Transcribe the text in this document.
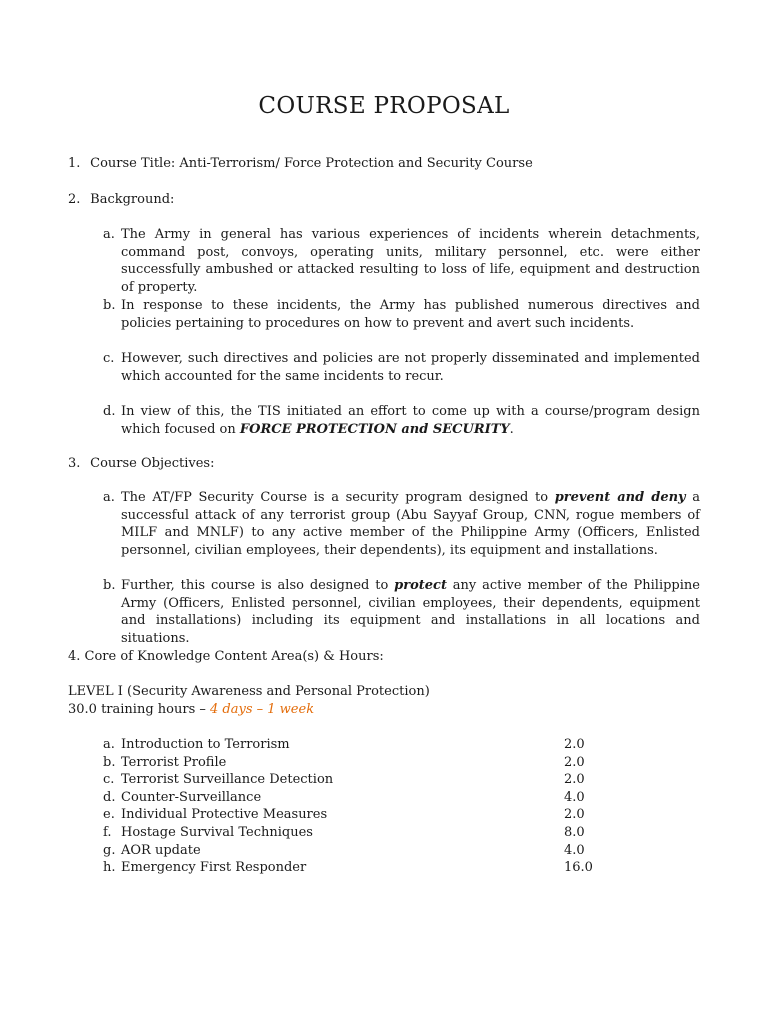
COURSE PROPOSAL
1. Course Title: Anti-Terrorism/ Force Protection and Security Course
2. Background:
a. The Army in general has various experiences of incidents wherein detachments, command post, convoys, operating units, military personnel, etc. were either successfully ambushed or attacked resulting to loss of life, equipment and destruction of property.
b. In response to these incidents, the Army has published numerous directives and policies pertaining to procedures on how to prevent and avert such incidents.
c. However, such directives and policies are not properly disseminated and implemented which accounted for the same incidents to recur.
d. In view of this, the TIS initiated an effort to come up with a course/program design which focused on FORCE PROTECTION and SECURITY.
3. Course Objectives:
a. The AT/FP Security Course is a security program designed to prevent and deny a successful attack of any terrorist group (Abu Sayyaf Group, CNN, rogue members of MILF and MNLF) to any active member of the Philippine Army (Officers, Enlisted personnel, civilian employees, their dependents), its equipment and installations.
b. Further, this course is also designed to protect any active member of the Philippine Army (Officers, Enlisted personnel, civilian employees, their dependents, equipment and installations) including its equipment and installations in all locations and situations.
4. Core of Knowledge Content Area(s) & Hours:
LEVEL I (Security Awareness and Personal Protection)
30.0 training hours – 4 days – 1 week
a. Introduction to Terrorism	2.0
b. Terrorist Profile	2.0
c. Terrorist Surveillance Detection	2.0
d. Counter-Surveillance	4.0
e. Individual Protective Measures	2.0
f. Hostage Survival Techniques	8.0
g. AOR update	4.0
h. Emergency First Responder	16.0
